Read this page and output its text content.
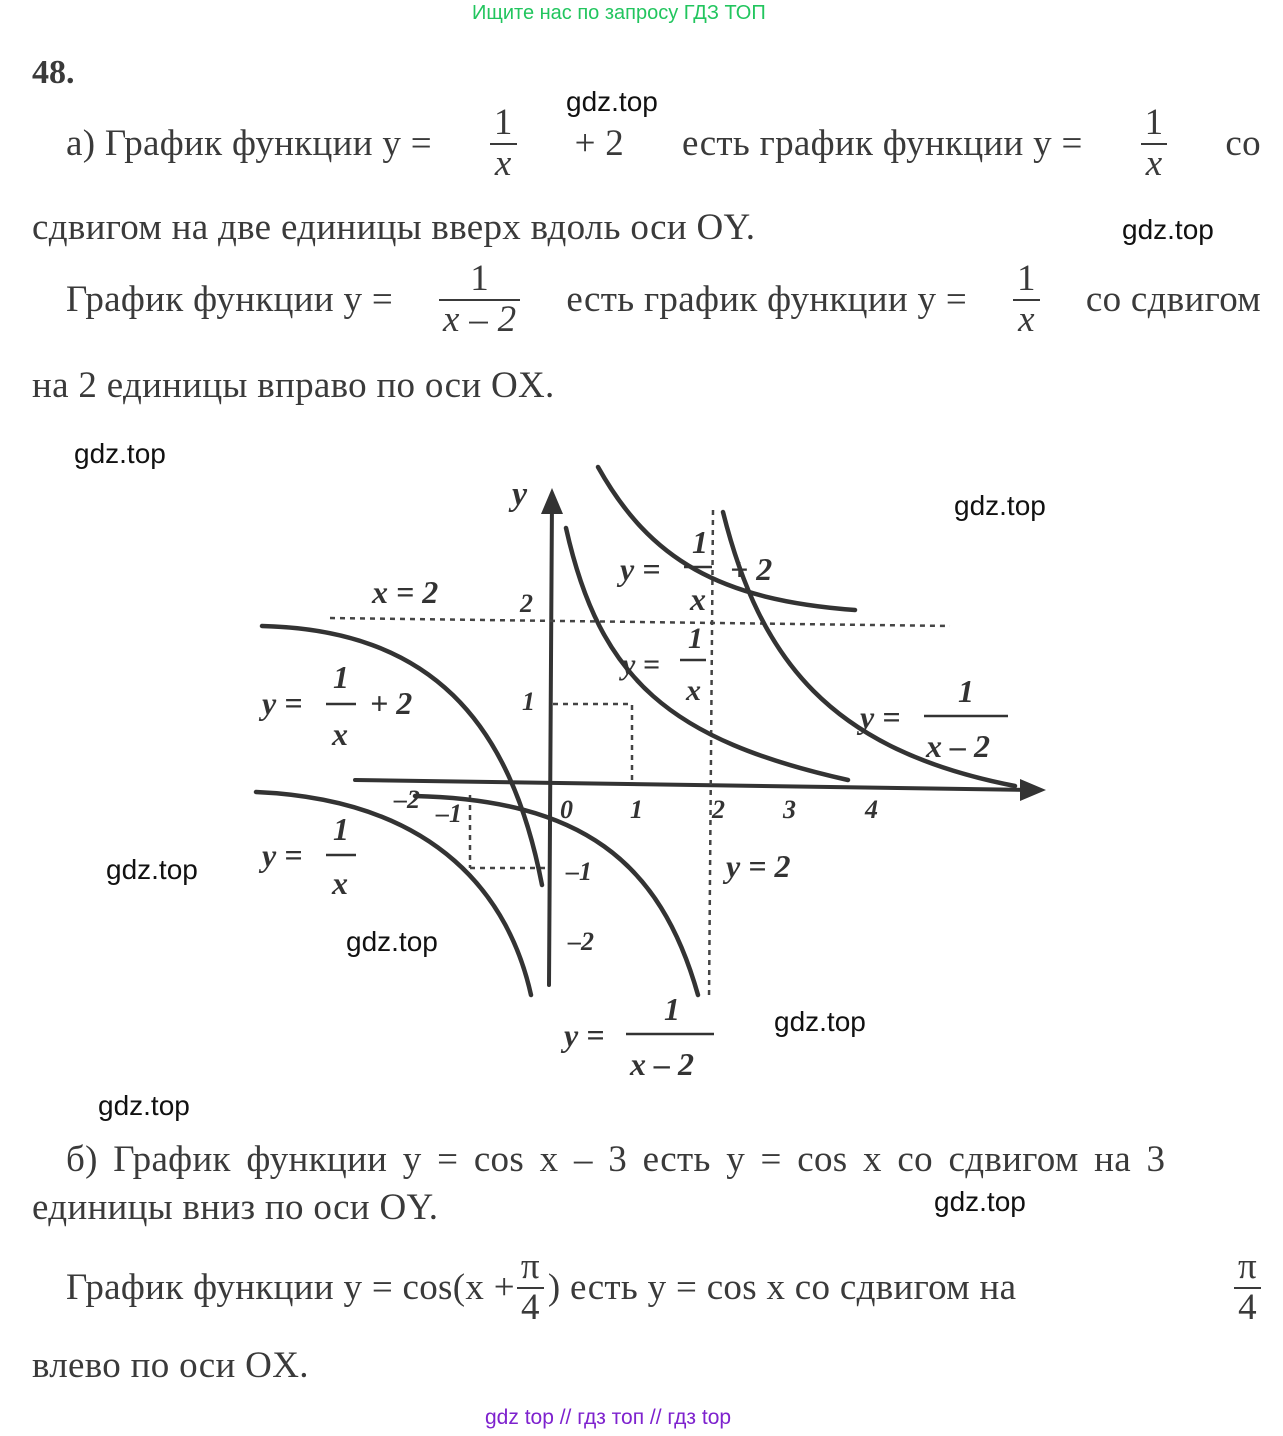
Ищите нас по запросу ГДЗ ТОП
48.
а) График функции $у = \frac{1}{x} + 2$ есть график функции $у = \frac{1}{x}$ со
сдвигом на две единицы вверх вдоль оси OY.
График функции $у = \frac{1}{x - 2}$ есть график функции $у = \frac{1}{x}$ со сдвигом
на 2 единицы вправо по оси OX.
y
x = 2
y = 2
–2 –1	0 1	2 3	4
2
1
–1
–2
y =
1
x
+ 2
y =
1
x
y =
1
x
+ 2
y =
1
x
y =
1
x – 2
y =
1
x – 2
б) График функции у = cos x – 3 есть у = cos x со сдвигом на 3
единицы вниз по оси OY.
График функции $у = \cos(x + \frac{\pi}{4}$ ) есть у = cos x со сдвигом на	$\frac{\pi}{4}$
влево по оси OX.
gdz.top
gdz.top
gdz.top
gdz.top
gdz.top
gdz.top
gdz.top
gdz.top
gdz.top
gdz top // гдз топ // гдз top
